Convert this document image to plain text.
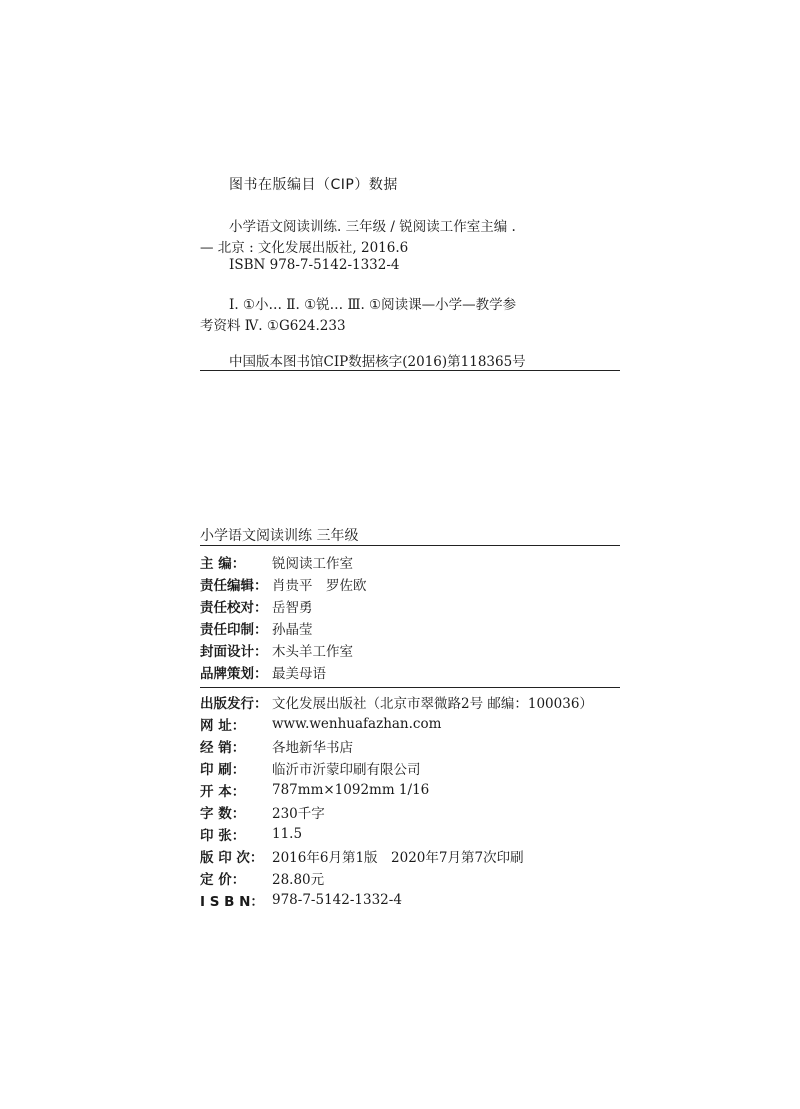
图书在版编目（CIP）数据
小学语文阅读训练. 三年级 / 锐阅读工作室主编 .
— 北京 : 文化发展出版社, 2016.6
ISBN 978-7-5142-1332-4
Ⅰ. ①小… Ⅱ. ①锐… Ⅲ. ①阅读课—小学—教学参
考资料 Ⅳ. ①G624.233
中国版本图书馆CIP数据核字(2016)第118365号
小学语文阅读训练 三年级
主 编： 锐阅读工作室
责任编辑： 肖贵平　罗佐欧
责任校对： 岳智勇
责任印制： 孙晶莹
封面设计： 木头羊工作室
品牌策划： 最美母语
出版发行： 文化发展出版社（北京市翠微路2号 邮编：100036）
网 址： www.wenhuafazhan.com
经 销： 各地新华书店
印 刷： 临沂市沂蒙印刷有限公司
开 本： 787mm×1092mm 1/16
字 数： 230千字
印 张： 11.5
版 印 次： 2016年6月第1版　2020年7月第7次印刷
定 价： 28.80元
I S B N： 978-7-5142-1332-4
